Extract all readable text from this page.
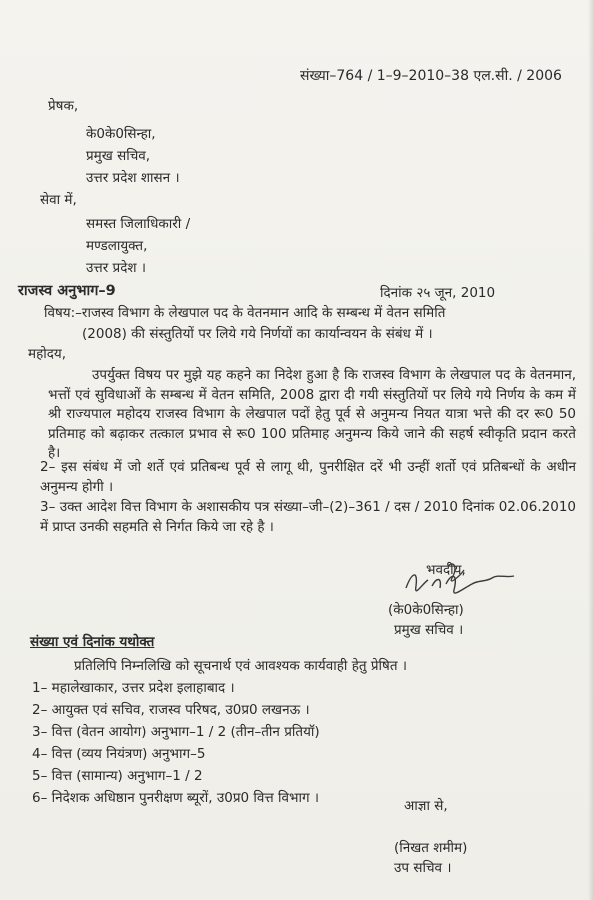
संख्या–764 / 1–9–2010–38 एल.सी. / 2006
प्रेषक,
के0के0सिन्हा,
प्रमुख सचिव,
उत्तर प्रदेश शासन ।
सेवा में,
समस्त जिलाधिकारी /
मण्डलायुक्त,
उत्तर प्रदेश ।
राजस्व अनुभाग–9	दिनांक २५ जून, 2010
विषय:–राजस्व विभाग के लेखपाल पद के वेतनमान आदि के सम्बन्ध में वेतन समिति
(2008) की संस्तुतियों पर लिये गये निर्णयों का कार्यान्वयन के संबंध में ।
महोदय,
उपर्युक्त विषय पर मुझे यह कहने का निदेश हुआ है कि राजस्व विभाग के लेखपाल पद के वेतनमान, भत्तों एवं सुविधाओं के सम्बन्ध में वेतन समिति, 2008 द्वारा दी गयी संस्तुतियों पर लिये गये निर्णय के कम में श्री राज्यपाल महोदय राजस्व विभाग के लेखपाल पदों हेतु पूर्व से अनुमन्य नियत यात्रा भत्ते की दर रू0 50 प्रतिमाह को बढ़ाकर तत्काल प्रभाव से रू0 100 प्रतिमाह अनुमन्य किये जाने की सहर्ष स्वीकृति प्रदान करते है।
2– इस संबंध में जो शर्ते एवं प्रतिबन्ध पूर्व से लागू थी, पुनरीक्षित दरें भी उन्हीं शर्तो एवं प्रतिबन्धों के अधीन अनुमन्य होगी ।
3– उक्त आदेश वित्त विभाग के अशासकीय पत्र संख्या–जी–(2)–361 / दस / 2010 दिनांक 02.06.2010 में प्राप्त उनकी सहमति से निर्गत किये जा रहे है ।
भवदीय,
(के0के0सिन्हा)
प्रमुख सचिव ।
संख्या एवं दिनांक यथोक्त
प्रतिलिपि निम्नलिखि को सूचनार्थ एवं आवश्यक कार्यवाही हेतु प्रेषित ।
1– महालेखाकार, उत्तर प्रदेश इलाहाबाद ।
2– आयुक्त एवं सचिव, राजस्व परिषद, उ0प्र0 लखनऊ ।
3– वित्त (वेतन आयोग) अनुभाग–1 / 2 (तीन–तीन प्रतियॉ)
4– वित्त (व्यय नियंत्रण) अनुभाग–5
5– वित्त (सामान्य) अनुभाग–1 / 2
6– निदेशक अधिष्ठान पुनरीक्षण ब्यूरों, उ0प्र0 वित्त विभाग ।	आज्ञा से,
(निखत शमीम)
उप सचिव ।
